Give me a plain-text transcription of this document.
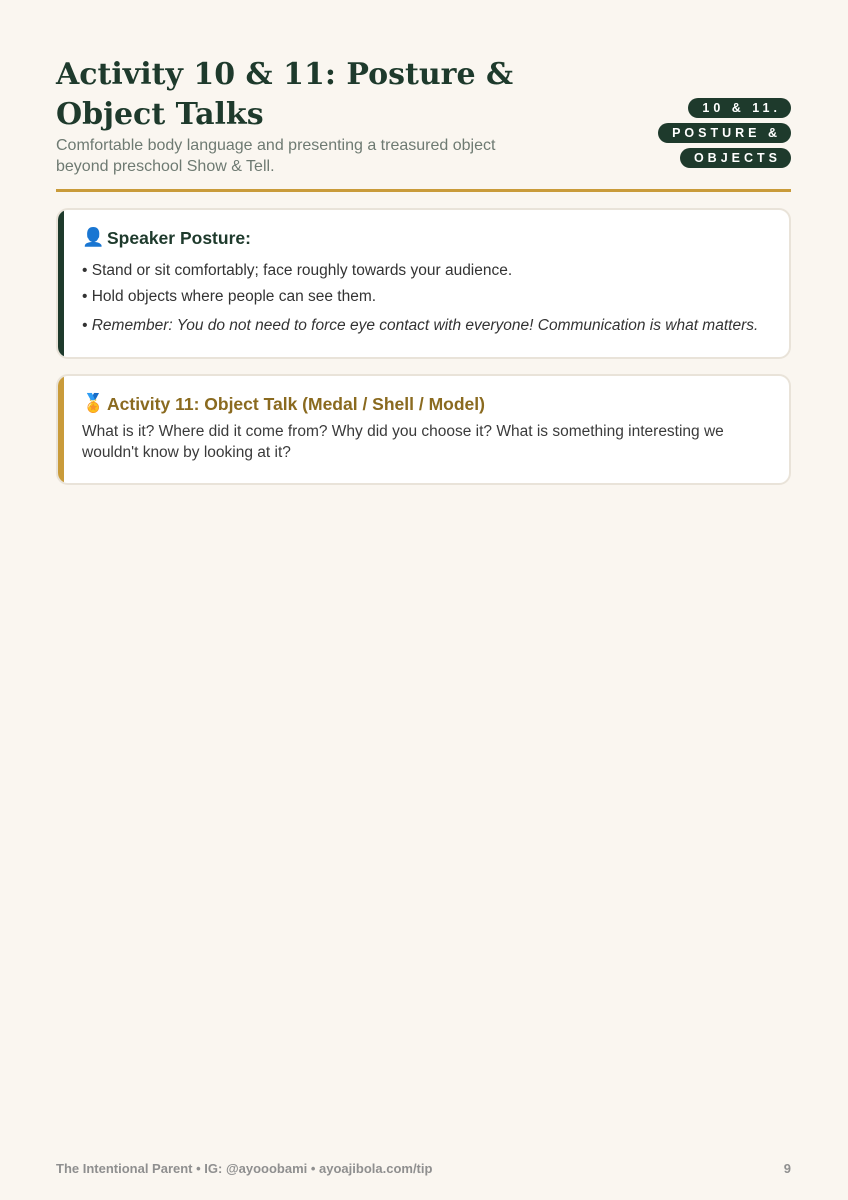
Activity 10 & 11: Posture & Object Talks
Comfortable body language and presenting a treasured object beyond preschool Show & Tell.
10 & 11. POSTURE & OBJECTS
👤 Speaker Posture:
• Stand or sit comfortably; face roughly towards your audience.
• Hold objects where people can see them.
• Remember: You do not need to force eye contact with everyone! Communication is what matters.
🏅 Activity 11: Object Talk (Medal / Shell / Model)
What is it? Where did it come from? Why did you choose it? What is something interesting we wouldn't know by looking at it?
The Intentional Parent • IG: @ayooobami • ayoajibola.com/tip	9
